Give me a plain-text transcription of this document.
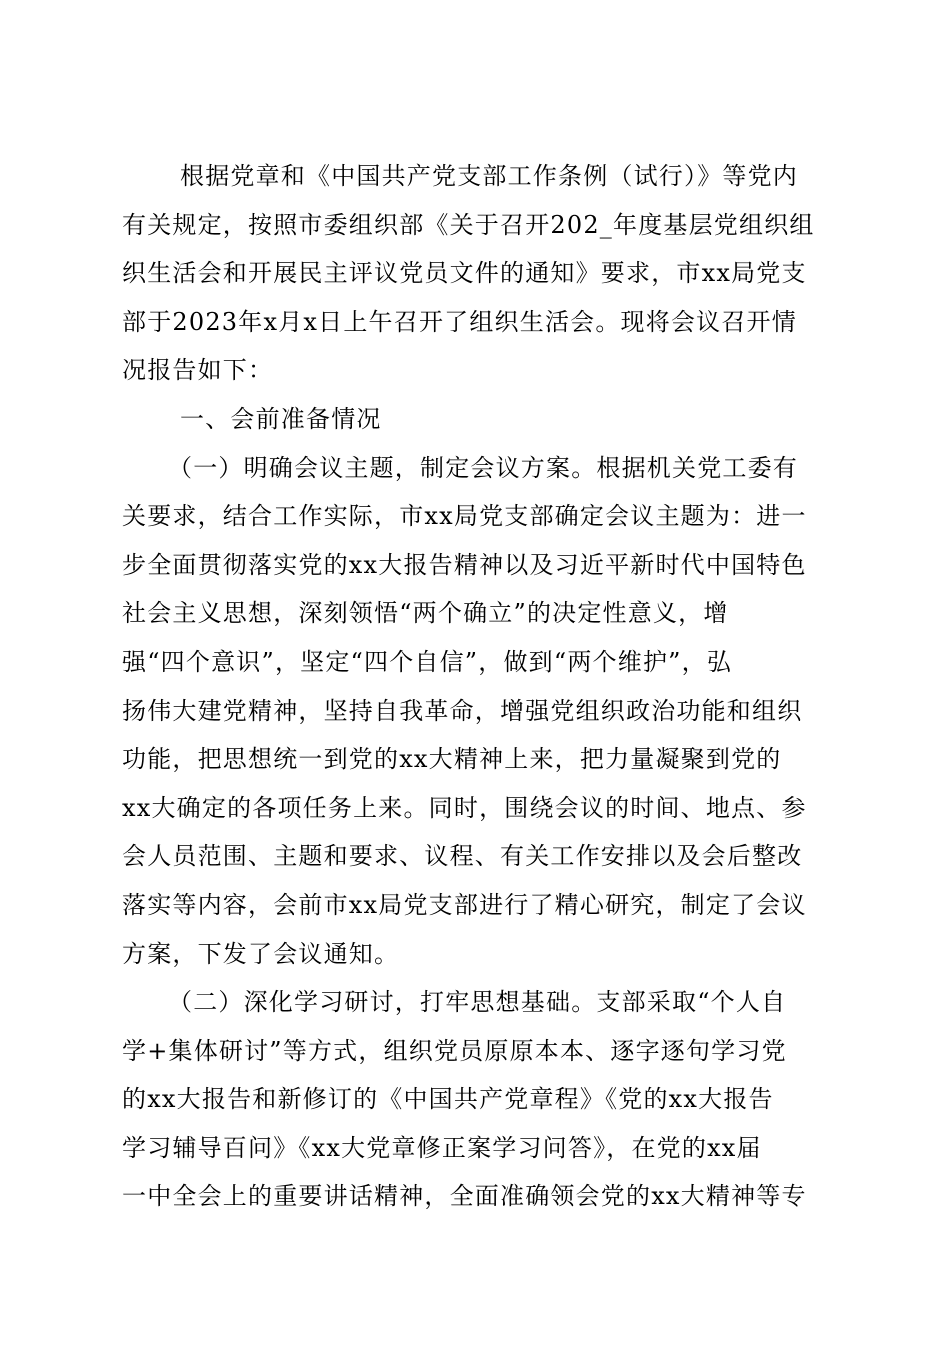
根据党章和《中国共产党支部工作条例（试行）》等党内
有关规定，按照市委组织部《关于召开202_年度基层党组织组
织生活会和开展民主评议党员文件的通知》要求，市xx局党支
部于2023年x月x日上午召开了组织生活会。现将会议召开情
况报告如下：
一、会前准备情况
（一）明确会议主题，制定会议方案。根据机关党工委有
关要求，结合工作实际，市xx局党支部确定会议主题为：进一
步全面贯彻落实党的xx大报告精神以及习近平新时代中国特色
社会主义思想，深刻领悟“两个确立”的决定性意义，增
强“四个意识”，坚定“四个自信”，做到“两个维护”，弘
扬伟大建党精神，坚持自我革命，增强党组织政治功能和组织
功能，把思想统一到党的xx大精神上来，把力量凝聚到党的
xx大确定的各项任务上来。同时，围绕会议的时间、地点、参
会人员范围、主题和要求、议程、有关工作安排以及会后整改
落实等内容，会前市xx局党支部进行了精心研究，制定了会议
方案，下发了会议通知。
（二）深化学习研讨，打牢思想基础。支部采取“个人自
学+集体研讨”等方式，组织党员原原本本、逐字逐句学习党
的xx大报告和新修订的《中国共产党章程》《党的xx大报告
学习辅导百问》《xx大党章修正案学习问答》，在党的xx届
一中全会上的重要讲话精神，全面准确领会党的xx大精神等专
